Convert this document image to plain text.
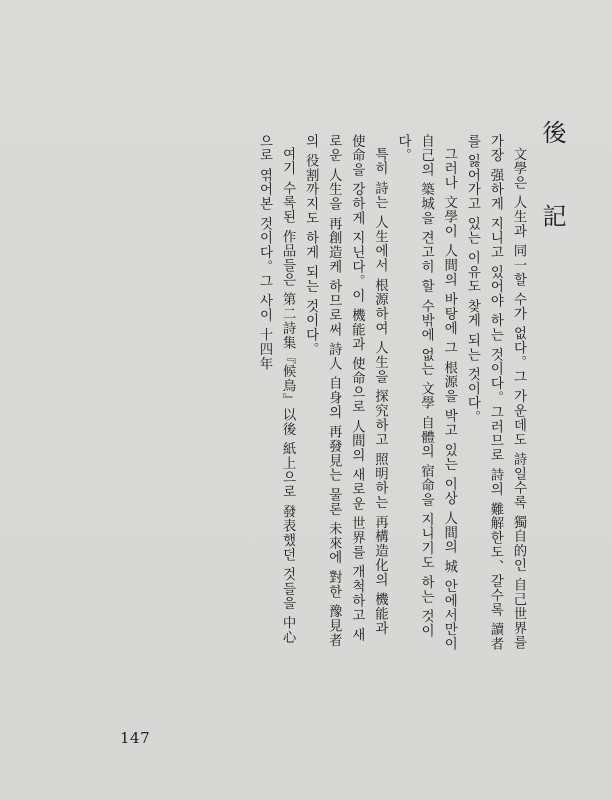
後 記

文學은 人生과 同一할 수가 없다。그 가운데도 詩일수록 獨自的인 自己世界를 가장 强하게 지니고 있어야 하는 것이다。그러므로 詩의 難解한도、갈수록 讀者를 잃어가고 있는 이유도 찾게 되는 것이다。

그러나 文學이 人間의 바탕에 그 根源을 박고 있는 이상 人間의 城 안에서만이 自己의 築城을 견고히 할 수밖에 없는 文學 自體의 宿命을 지니기도 하는 것이다。

특히 詩는 人生에서 根源하여 人生을 探究하고 照明하는 再構造化의 機能과 使命을 강하게 지닌다。이 機能과 使命으로 人間의 새로운 世界를 개척하고 새로운 人生을 再創造케 하므로써 詩人 自身의 再發見는 물론 未來에 對한 豫見者의 役割까지도 하게 되는 것이다。

여기 수록된 作品들은 第二詩集『候鳥』以後 紙上으로 發表했던 것들을 中心으로 엮어본 것이다。그 사이 十四年

147
